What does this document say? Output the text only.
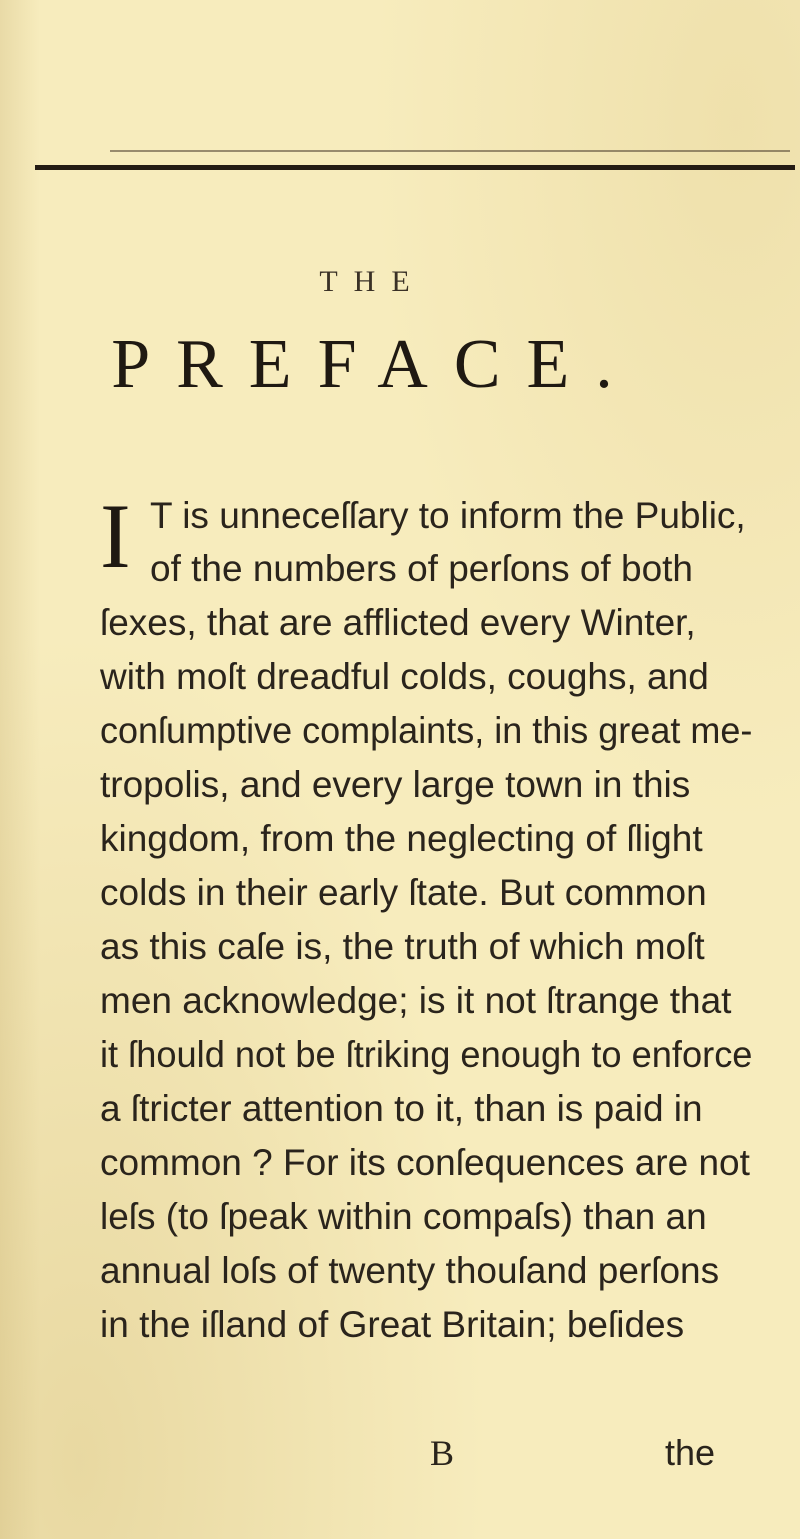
THE
PREFACE.
I T is unneceſſary to inform the Public,
of the numbers of perſons of both
ſexes, that are afflicted every Winter,
with moſt dreadful colds, coughs, and
conſumptive complaints, in this great me-
tropolis, and every large town in this
kingdom, from the neglecting of ſlight
colds in their early ſtate. But common
as this caſe is, the truth of which moſt
men acknowledge; is it not ſtrange that
it ſhould not be ſtriking enough to enforce
a ſtricter attention to it, than is paid in
common ? For its conſequences are not
leſs (to ſpeak within compaſs) than an
annual loſs of twenty thouſand perſons
in the iſland of Great Britain; beſides
B	the
